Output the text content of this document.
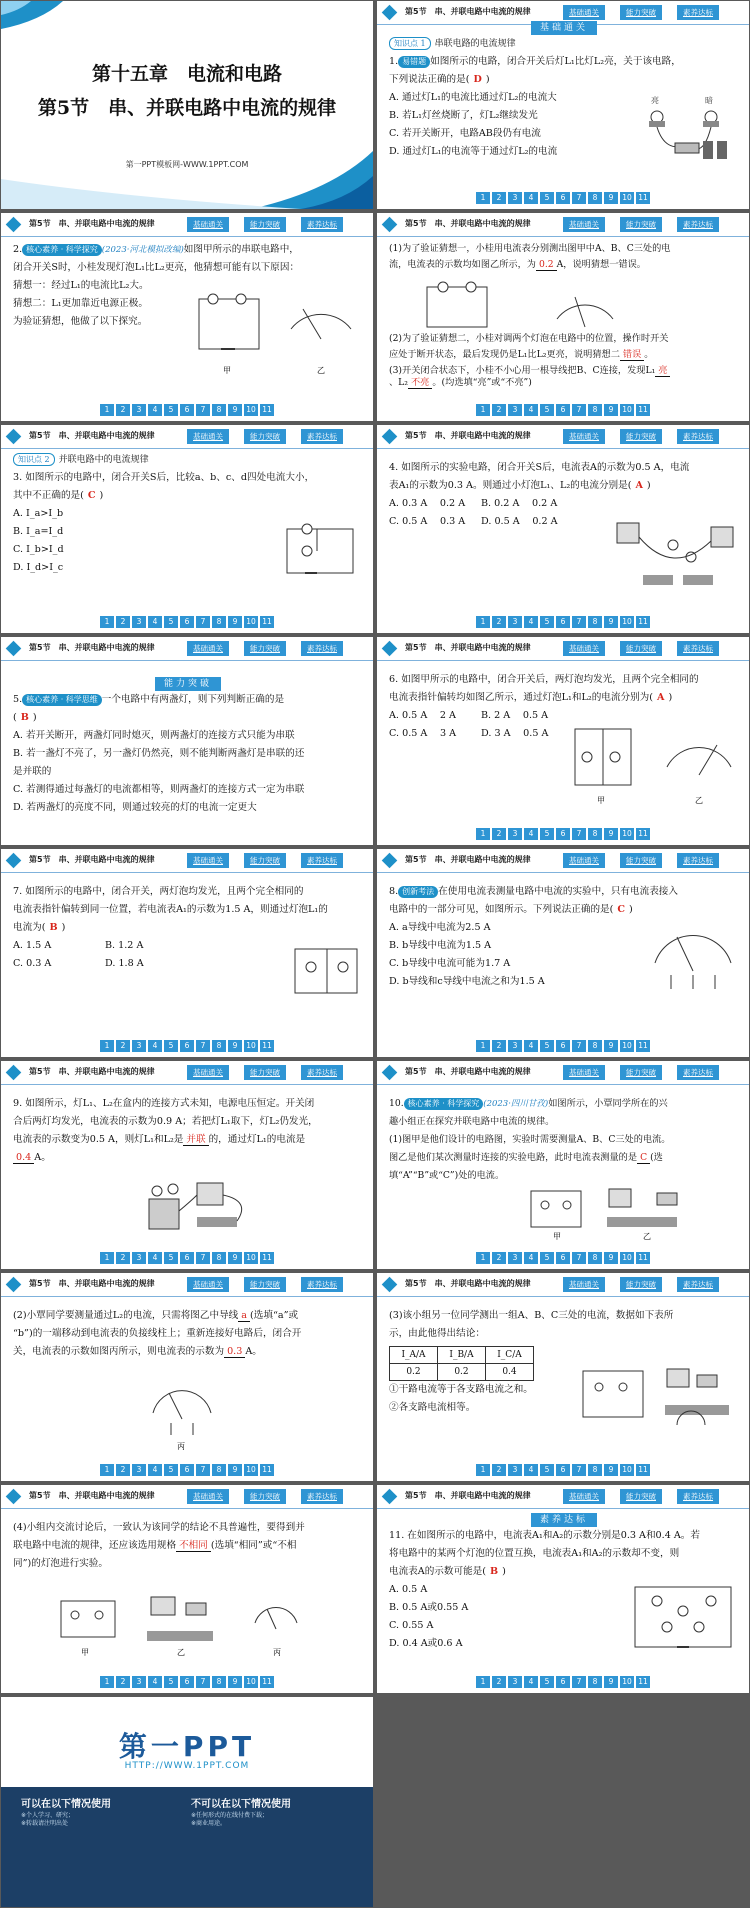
第十五章　电流和电路
第5节　串、并联电路中电流的规律
第一PPT模板网-WWW.1PPT.COM
第5节　串、并联电路中电流的规律	基础通关	能力突破	素养达标
基础通关

知识点 1 串联电路的电流规律

1. 易错题 如图所示的电路，闭合开关后灯L₁比灯L₂亮，关于该电路，

下列说法正确的是( D )

A. 通过灯L₁的电流比通过灯L₂的电流大

B. 若L₁灯丝烧断了，灯L₂继续发光

C. 若开关断开，电路AB段仍有电流

D. 通过灯L₁的电流等于通过灯L₂的电流

亮	暗
1 2 3 4 5 6 7 8 9 10 11
第5节　串、并联电路中电流的规律	基础通关	能力突破	素养达标

2. 核心素养 · 科学探究 (2023·河北模拟改编)如图甲所示的串联电路中，

闭合开关S时，小桂发现灯泡L₁比L₂更亮，他猜想可能有以下原因：

猜想一：经过L₁的电流比L₂大。

猜想二：L₁更加靠近电源正极。

为验证猜想，他做了以下探究。

甲	乙
1 2 3 4 5 6 7 8 9 10 11
第5节　串、并联电路中电流的规律	基础通关	能力突破	素养达标

(1)为了验证猜想一，小桂用电流表分别测出图甲中A、B、C三处的电

流，电流表的示数均如图乙所示，为 0.2 A，说明猜想一错误。

(2)为了验证猜想二，小桂对调两个灯泡在电路中的位置，操作时开关

应处于断开状态，最后发现仍是L₁比L₂更亮，说明猜想二 错误 。

(3)开关闭合状态下，小桂不小心用一根导线把B、C连接，发现L₁ 亮

、L₂ 不亮 。(均选填“亮”或“不亮”)

1 2 3 4 5 6 7 8 9 10 11
第5节　串、并联电路中电流的规律	基础通关	能力突破	素养达标

知识点 2 并联电路中的电流规律

3. 如图所示的电路中，闭合开关S后，比较a、b、c、d四处电流大小，

其中不正确的是( C )

A. I_a>I_b

B. I_a=I_d

C. I_b>I_d

D. I_d>I_c

1 2 3 4 5 6 7 8 9 10 11
第5节　串、并联电路中电流的规律	基础通关	能力突破	素养达标

4. 如图所示的实验电路，闭合开关S后，电流表A的示数为0.5 A，电流

表A₁的示数为0.3 A。则通过小灯泡L₁、L₂的电流分别是( A )

A. 0.3 A　 0.2 A B. 0.2 A　 0.2 A

C. 0.5 A　 0.3 A D. 0.5 A　 0.2 A

1 2 3 4 5 6 7 8 9 10 11
第5节　串、并联电路中电流的规律	基础通关	能力突破	素养达标
能力突破

5. 核心素养 · 科学思维 一个电路中有两盏灯，则下列判断正确的是

( B )

A. 若开关断开，两盏灯同时熄灭，则两盏灯的连接方式只能为串联

B. 若一盏灯不亮了，另一盏灯仍然亮，则不能判断两盏灯是串联的还

是并联的

C. 若测得通过每盏灯的电流都相等，则两盏灯的连接方式一定为串联

D. 若两盏灯的亮度不同，则通过较亮的灯的电流一定更大

第5节　串、并联电路中电流的规律	基础通关	能力突破	素养达标

6. 如图甲所示的电路中，闭合开关后，两灯泡均发光，且两个完全相同的

电流表指针偏转均如图乙所示，通过灯泡L₁和L₂的电流分别为( A )

A. 0.5 A　 2 A	B. 2 A　 0.5 A

C. 0.5 A　 3 A	D. 3 A　 0.5 A

甲	乙
1 2 3 4 5 6 7 8 9 10 11
第5节　串、并联电路中电流的规律	基础通关	能力突破	素养达标

7. 如图所示的电路中，闭合开关，两灯泡均发光，且两个完全相同的

电流表指针偏转到同一位置，若电流表A₁的示数为1.5 A，则通过灯泡L₁的

电流为( B )

A. 1.5 A	B. 1.2 A

C. 0.3 A	D. 1.8 A

1 2 3 4 5 6 7 8 9 10 11
第5节　串、并联电路中电流的规律	基础通关	能力突破	素养达标

8. 创新考法 在使用电流表测量电路中电流的实验中，只有电流表接入

电路中的一部分可见，如图所示。下列说法正确的是( C )

A. a导线中电流为2.5 A

B. b导线中电流为1.5 A

C. b导线中电流可能为1.7 A

D. b导线和c导线中电流之和为1.5 A

1 2 3 4 5 6 7 8 9 10 11
第5节　串、并联电路中电流的规律	基础通关	能力突破	素养达标

9. 如图所示，灯L₁、L₂在盒内的连接方式未知，电源电压恒定。开关闭

合后两灯均发光，电流表的示数为0.9 A；若把灯L₁取下，灯L₂仍发光，

电流表的示数变为0.5 A，则灯L₁和L₂是 并联 的，通过灯L₁的电流是

0.4 A。

1 2 3 4 5 6 7 8 9 10 11
第5节　串、并联电路中电流的规律	基础通关	能力突破	素养达标

10. 核心素养 · 科学探究 (2023·四川甘孜)如图所示，小覃同学所在的兴

趣小组正在探究并联电路中电流的规律。

(1)图甲是他们设计的电路图，实验时需要测量A、B、C三处的电流。

图乙是他们某次测量时连接的实验电路，此时电流表测量的是 C (选

填“A”“B”或“C”)处的电流。

甲	乙
1 2 3 4 5 6 7 8 9 10 11
第5节　串、并联电路中电流的规律	基础通关	能力突破	素养达标

(2)小覃同学要测量通过L₂的电流，只需将图乙中导线 a (选填“a”或

“b”)的一端移动到电流表的负接线柱上；重新连接好电路后，闭合开

关，电流表的示数如图丙所示，则电流表的示数为 0.3 A。

丙
1 2 3 4 5 6 7 8 9 10 11
第5节　串、并联电路中电流的规律	基础通关	能力突破	素养达标

(3)该小组另一位同学测出一组A、B、C三处的电流，数据如下表所

示，由此他得出结论：

I_A/A	I_B/A	I_C/A
0.2	0.2	0.4

①干路电流等于各支路电流之和。

②各支路电流相等。

1 2 3 4 5 6 7 8 9 10 11
第5节　串、并联电路中电流的规律	基础通关	能力突破	素养达标

(4)小组内交流讨论后，一致认为该同学的结论不具普遍性，要得到并

联电路中电流的规律，还应该选用规格 不相同 (选填“相同”或“不相

同”)的灯泡进行实验。

甲	乙	丙
1 2 3 4 5 6 7 8 9 10 11
第5节　串、并联电路中电流的规律	基础通关	能力突破	素养达标
素养达标

11. 在如图所示的电路中，电流表A₁和A₂的示数分别是0.3 A和0.4 A。若

将电路中的某两个灯泡的位置互换，电流表A₁和A₂的示数却不变，则

电流表A的示数可能是( B )

A. 0.5 A

B. 0.5 A或0.55 A

C. 0.55 A

D. 0.4 A或0.6 A

1 2 3 4 5 6 7 8 9 10 11
第一PPT
HTTP://WWW.1PPT.COM
可以在以下情况使用
※个人学习、研究；
※转载请注明出处
不可以在以下情况使用
※任何形式的在线付费下载；
※商业用途。
